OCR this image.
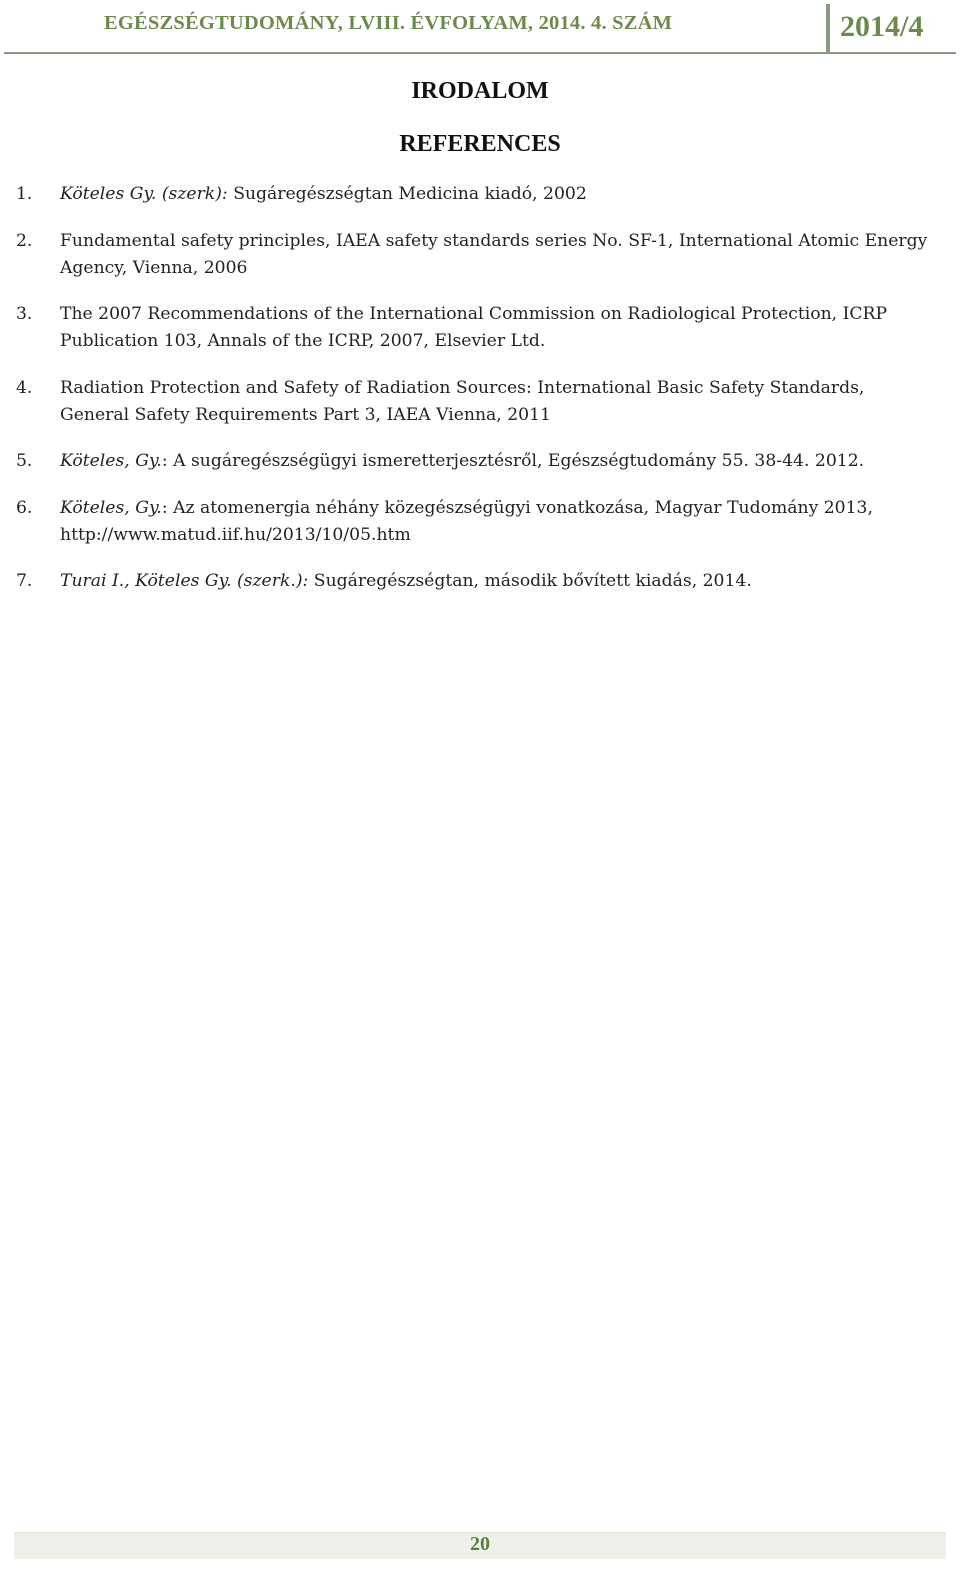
EGÉSZSÉGTUDOMÁNY, LVIII. ÉVFOLYAM, 2014. 4. SZÁM	2014/4
IRODALOM
REFERENCES
1.	Köteles Gy. (szerk): Sugáregészségtan Medicina kiadó, 2002
2.	Fundamental safety principles, IAEA safety standards series No. SF-1, International Atomic Energy Agency, Vienna, 2006
3.	The 2007 Recommendations of the International Commission on Radiological Protection, ICRP Publication 103, Annals of the ICRP, 2007, Elsevier Ltd.
4.	Radiation Protection and Safety of Radiation Sources: International Basic Safety Standards, General Safety Requirements Part 3, IAEA Vienna, 2011
5.	Köteles, Gy.: A sugáregészségügyi ismeretterjesztésről, Egészségtudomány 55. 38-44. 2012.
6.	Köteles, Gy.: Az atomenergia néhány közegészségügyi vonatkozása, Magyar Tudomány 2013, http://www.matud.iif.hu/2013/10/05.htm
7.	Turai I., Köteles Gy. (szerk.): Sugáregészségtan, második bővített kiadás, 2014.
20
